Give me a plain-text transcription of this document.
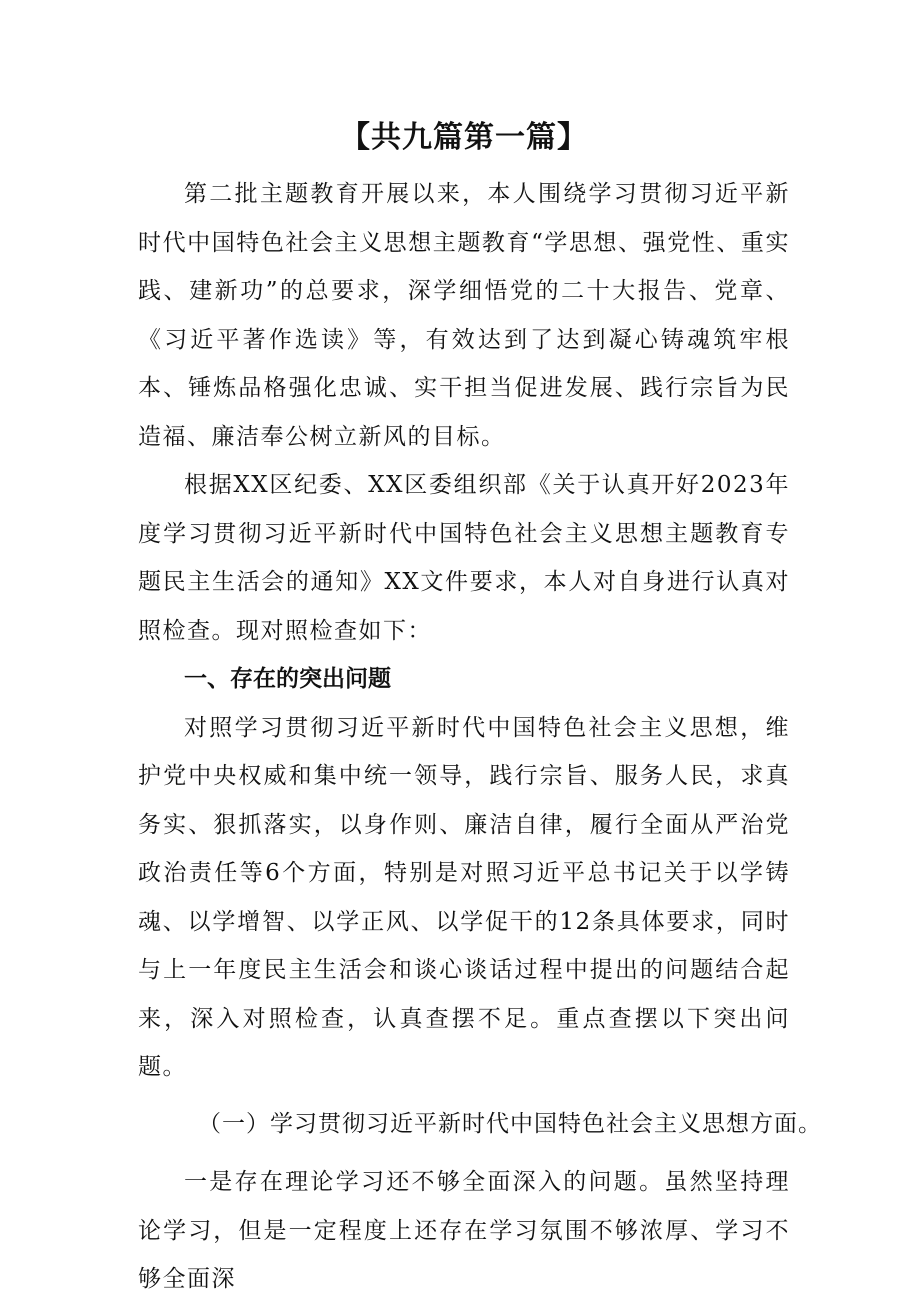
【共九篇第一篇】

第二批主题教育开展以来，本人围绕学习贯彻习近平新时代中国特色社会主义思想主题教育“学思想、强党性、重实践、建新功”的总要求，深学细悟党的二十大报告、党章、《习近平著作选读》等，有效达到了达到凝心铸魂筑牢根本、锤炼品格强化忠诚、实干担当促进发展、践行宗旨为民造福、廉洁奉公树立新风的目标。

根据XX区纪委、XX区委组织部《关于认真开好2023年度学习贯彻习近平新时代中国特色社会主义思想主题教育专题民主生活会的通知》XX文件要求，本人对自身进行认真对照检查。现对照检查如下：

一、存在的突出问题

对照学习贯彻习近平新时代中国特色社会主义思想，维护党中央权威和集中统一领导，践行宗旨、服务人民，求真务实、狠抓落实，以身作则、廉洁自律，履行全面从严治党政治责任等6个方面，特别是对照习近平总书记关于以学铸魂、以学增智、以学正风、以学促干的12条具体要求，同时与上一年度民主生活会和谈心谈话过程中提出的问题结合起来，深入对照检查，认真查摆不足。重点查摆以下突出问题。

（一）学习贯彻习近平新时代中国特色社会主义思想方面。

一是存在理论学习还不够全面深入的问题。虽然坚持理论学习，但是一定程度上还存在学习氛围不够浓厚、学习不够全面深
